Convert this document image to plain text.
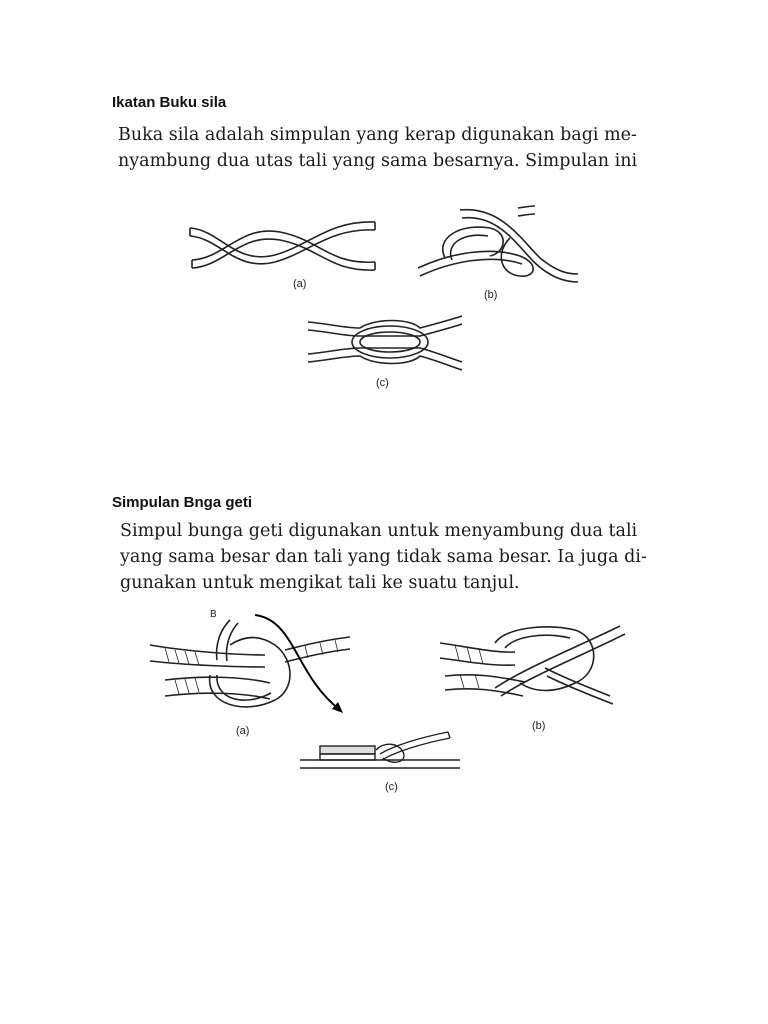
Ikatan Buku sila
Buka sila adalah simpulan yang kerap digunakan bagi me-
nyambung dua utas tali yang sama besarnya. Simpulan ini
(a)
(b)
(c)
Simpulan Bnga geti
Simpul bunga geti digunakan untuk menyambung dua tali
yang sama besar dan tali yang tidak sama besar. Ia juga di-
gunakan untuk mengikat tali ke suatu tanjul.
B
(a)	(b)
(c)
